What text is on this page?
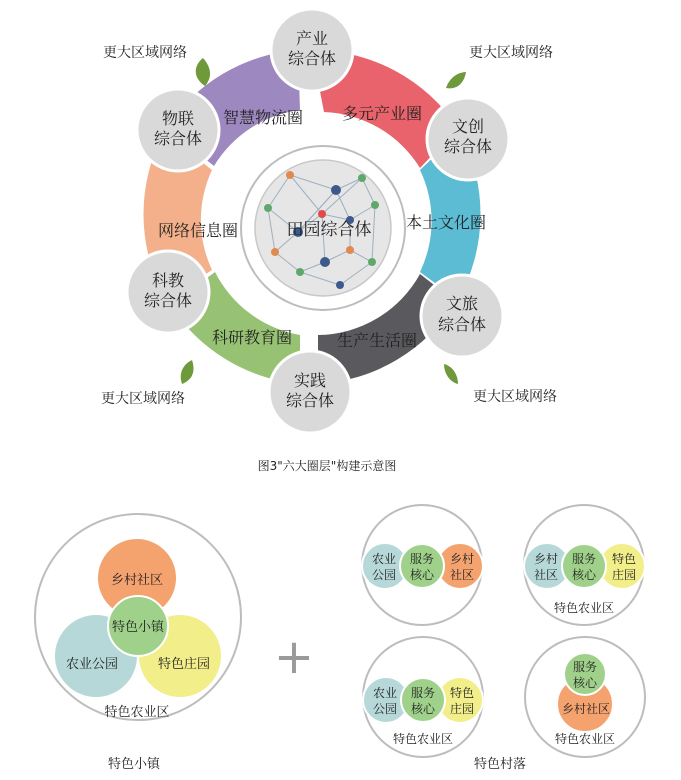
田园综合体
多元产业圈
本土文化圈
生产生活圈
科研教育圈
网络信息圈
智慧物流圈
产业
综合体
文创
综合体
文旅
综合体
实践
综合体
科教
综合体
物联
综合体
更大区域网络	更大区域网络
更大区域网络	更大区域网络
图3"六大圈层"构建示意图
乡村社区
特色小镇
农业公园	特色庄园
特色农业区
特色小镇
+
农业
公园
服务
核心
乡村
社区
乡村
社区
服务
核心
特色
庄园
特色农业区
农业
公园
服务
核心
特色
庄园
特色农业区
服务
核心
乡村社区
特色农业区
特色村落
